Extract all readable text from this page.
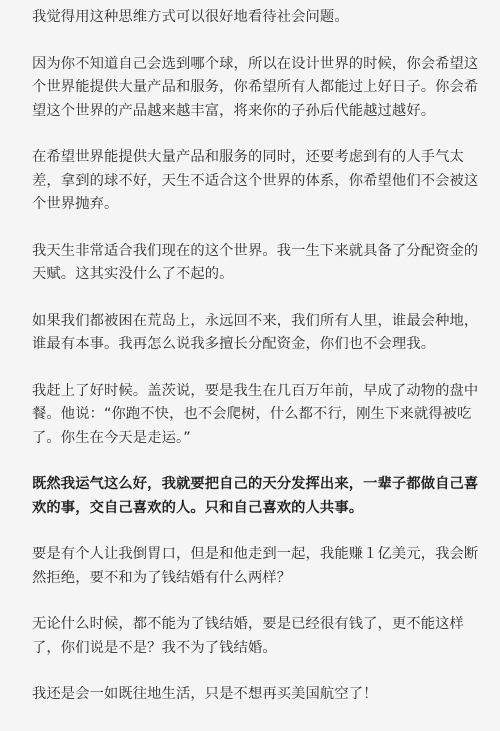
我觉得用这种思维方式可以很好地看待社会问题。

因为你不知道自己会选到哪个球，所以在设计世界的时候，你会希望这个世界能提供大量产品和服务，你希望所有人都能过上好日子。你会希望这个世界的产品越来越丰富，将来你的子孙后代能越过越好。

在希望世界能提供大量产品和服务的同时，还要考虑到有的人手气太差，拿到的球不好，天生不适合这个世界的体系，你希望他们不会被这个世界抛弃。

我天生非常适合我们现在的这个世界。我一生下来就具备了分配资金的天赋。这其实没什么了不起的。

如果我们都被困在荒岛上，永远回不来，我们所有人里，谁最会种地，谁最有本事。我再怎么说我多擅长分配资金，你们也不会理我。

我赶上了好时候。盖茨说，要是我生在几百万年前，早成了动物的盘中餐。他说：“你跑不快，也不会爬树，什么都不行，刚生下来就得被吃了。你生在今天是走运。”

既然我运气这么好，我就要把自己的天分发挥出来，一辈子都做自己喜欢的事，交自己喜欢的人。只和自己喜欢的人共事。

要是有个人让我倒胃口，但是和他走到一起，我能赚１亿美元，我会断然拒绝，要不和为了钱结婚有什么两样？

无论什么时候，都不能为了钱结婚，要是已经很有钱了，更不能这样了，你们说是不是？我不为了钱结婚。

我还是会一如既往地生活，只是不想再买美国航空了！
